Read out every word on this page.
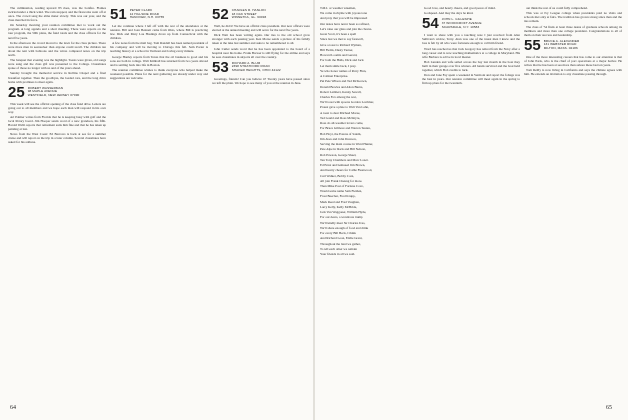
The culmination, reading upward 83 rises, was the bonfire. Flames swirled under a thick wind. The rain stopped, and the fireworks went off at once. The crowd sang the alma mater slowly. This was our year, and the class marched in force.

On Saturday morning your reunion committee met to work out the program. A long agenda and a short meeting. There were reports on the tour program, the 50th plans, the fund totals and the class officers for the next five years.

In the afternoon the crowd moved to the lawn for the class picture. There were more men in seersucker than anyone could recall. The children ran about the tent with balloons and the wives compared notes on the trip north.

The banquet that evening was the highlight. Toasts were given, old songs were sung and the class gift was presented to the College. Classmates spoke of those no longer with us and of the years ahead.

Sunday brought the memorial service in Rollins Chapel and a final breakfast together. Then the goodbyes, the loaded cars, and the long drive home with promises to meet again.

25 ROBERT WASSERMAN
98 MAPLE AVENUE
WESTFIELD, NEW JERSEY 07090

This week will see the official opening of the class fund drive. Letters are going out to all members and we hope each man will respond in his own way.

Art Palmer writes from Florida that he is keeping busy with golf and the local library board. Jim Hooper sends word of a new grandson, his fifth. Harold Webb reports that retirement suits him fine and that he has taken up painting at last.

News from the West Coast: Ed Barrows is back at sea for a summer cruise and will report on the trip in a later column. Several classmates have asked for his address.

51 PETER CLARK
12 HILLSIDE ROAD
HANOVER, N.H. 03755

Let me continue where I left off with the rest of the attendance at the reunion. Bill and Joan Bennett came from Ohio, where Bill is practicing law. Dick and Mary Lou Hastings drove up from Connecticut with the children.

A few notes from the mail bag. Tom Randall has been named president of his company and will be moving to Chicago this fall. Sam Porter is teaching history at a school in Vermont and loving every minute.

George Hanley reports from Texas that the oil business is good and his sons are both in college. Walt Kimball has returned from two years abroad and is settling back into life in Boston.

The reunion committee wishes to thank everyone who helped make the weekend possible. Plans for the next gathering are already under way and suggestions are welcome.

52 CHARLES R. HANLON
18 OAK STREET
WINNETKA, ILL. 60093

Well, he did it! We have an official class president. Our new officers were elected at the annual meeting and will serve for the next five years.

Dick Wait has been writing again. Our ties to the old school grow stronger with each passing year. Ken Morse sends a picture of his family taken at the lake last summer and asks to be remembered to all.

John Cutler sends word that he has been appointed to the board of a hospital near his home. Frank Brewer is still flying for the airline and says he sees classmates in airports all over the country.

53 RICHARD A. BLUM
2398 STRATFORD ROAD
SHAKER HEIGHTS, OHIO 44122

Greetings, friends! Can you believe it? Twenty years have passed since we left the plain. We hope to see many of you at the reunion in June.

T.M.I. or weather wisemen,

We come in rhyme with joyous tone

And pray that you will be impressed

Our tastes have never been so refined,

Let's raise our glass and join the chorus.

Great Scott, it's been a spell

Since last we met to say farewell,

Give a toast to Richard Wyman,

Bill Fields, Dusty Turner,

Howard Loomis and Gerard,

For both the Halls, Dick and Jack

Let them smile back, I pray.

Ye who honor names of Perry Finn,

A Cabinet Enterprise.

Put Pete Wilson and Ted McKeown,

Donald Bowles and Alton Burns,

Robert Lambert, Kenny Sewall,

Charles Fox among the rest,

We'll toast with spoons Gordon Lorrimer,

Proust gave a plate to Walt Van Lahn,

A toast to dear Michael Morse,

Ted Gould and Ross McIntyre,

Ross do all-weather lovers come,

For Bruce Gilmore and Warren Teaten,

Bob Hoyt, the Eatons of Salem,

Jim Aves and John Dawson,

Serving the main course in Ward Hunter,

Pete Alpe in black and Bill Nelson,

Rob Pawson, George Sheel,

Ten Tony Chambers and Marc Lozel.

Ed Ernst and bemused Jim Brown,

And hearty cheers for Callie Fleetwood,

Curl Walker, Bobby Corn,

All join Frank Cheung for more.

Then Mike Post of Fortune Cove,

Would some name Sam Fielden,

Frost Beecher, Fred Krupp,

Mark Reed and Fred Vaughan,

Larry Kelly, Kelly McBride,

Jack Van Waggoner, William Hyde,

For our dears, a wondrous trump

We'll kindly meet Sir Charles Ives,

We'll share enough of food and drink

For every Bill Beck, I think

And Richard Leon, Eddie Grant,

Throughout the land we gather,

To tell each other we remain

Your friends in all we said.

Good love, and hearty cheers, and good peace of mind.

Godspeed. And may the days be kind.

54 JOHN L. GILLESPIE
37 WOODCROFT AVENUE
SCARSDALE, N.Y. 10583

I want to share with you a touching note I just received from Alan Sullivan's widow, Terry. Alan was one of the truest men I knew and the loss is felt by all who were fortunate enough to call him friend.

Word has reached us that Jack Gregory has retired from the Navy after a long career and is now teaching mathematics at a college in Maryland. His wife Barbara is active in local theater.

Bob Lunden and wife sailed across the bay last month in the boat they built in their garage over five winters. All hands survived and the boat held together, which Bob credits to luck.

Don and Jane Fay spent a weekend in Vermont and report the foliage was the best in years. Our reunion committee will meet again in the spring to firm up plans for the twentieth.

out think the rest of us could fully comprehend.

This was at Ivy League college when presidents paid no visits and schools met only at fairs. The tradition has grown strong since then and the ties remain.

The class of '54 finds at least three deans of graduate schools among its members and more than one college president. Congratulations to all of them on their success and leadership.

55 BRUCE A. ALEXANDER
131 WEBSTER ROAD
MILTON, MASS. 02186

One of the more interesting careers that has come to our attention is that of John Paris, who is the chief of port operations at a major harbor. He writes that he has been at sea more than ashore these last ten years.

Tom Reilly is now living in California and says the climate agrees with him. He extends an invitation to any classmate passing through.

64	65
